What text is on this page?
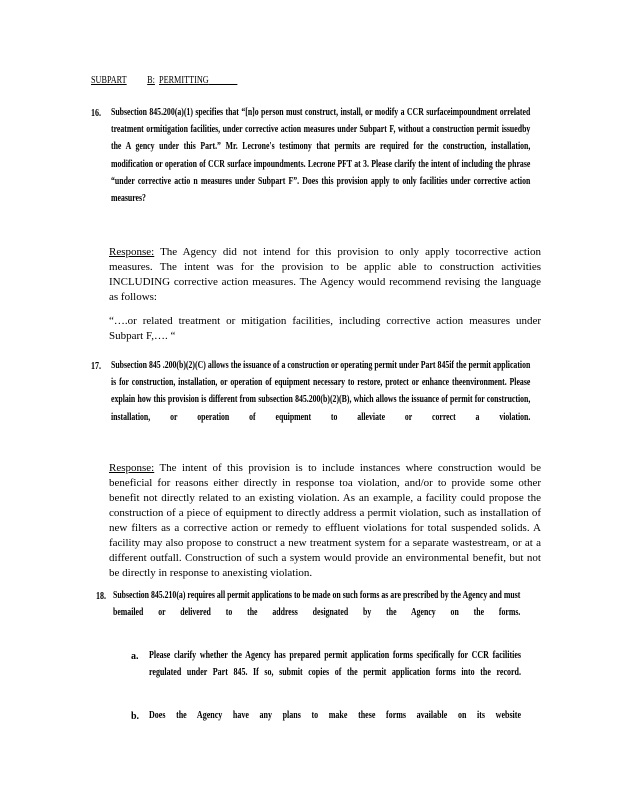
SUBPART B: PERMITTING
16. Subsection 845.200(a)(1) specifies that “[n]o person must construct, install, or modify a CCR surfaceimpoundment orrelated treatment ormitigation facilities, under corrective action measures under Subpart F, without a construction permit issuedby the A gency under this Part.” Mr. Lecrone's testimony that permits are required for the construction, installation, modification or operation of CCR surface impoundments. Lecrone PFT at 3. Please clarify the intent of including the phrase “under corrective actio n measures under Subpart F”. Does this provision apply to only facilities under corrective action measures?
Response: The Agency did not intend for this provision to only apply tocorrective action measures. The intent was for the provision to be applic able to construction activities INCLUDING corrective action measures. The Agency would recommend revising the language as follows:
“….or related treatment or mitigation facilities, including corrective action measures under Subpart F,…. “
17. Subsection 845 .200(b)(2)(C) allows the issuance of a construction or operating permit under Part 845if the permit application is for construction, installation, or operation of equipment necessary to restore, protect or enhance theenvironment. Please explain how this provision is different from subsection 845.200(b)(2)(B), which allows the issuance of permit for construction, installation, or operation of equipment to alleviate or correct a violation.
Response: The intent of this provision is to include instances where construction would be beneficial for reasons either directly in response toa violation, and/or to provide some other benefit not directly related to an existing violation. As an example, a facility could propose the construction of a piece of equipment to directly address a permit violation, such as installation of new filters as a corrective action or remedy to effluent violations for total suspended solids. A facility may also propose to construct a new treatment system for a separate wastestream, or at a different outfall. Construction of such a system would provide an environmental benefit, but not be directly in response to anexisting violation.
18. Subsection 845.210(a) requires all permit applications to be made on such forms as are prescribed by the Agency and must bemailed or delivered to the address designated by the Agency on the forms.
a. Please clarify whether the Agency has prepared permit application forms specifically for CCR facilities regulated under Part 845. If so, submit copies of the permit application forms into the record.
b. Does the Agency have any plans to make these forms available on its website
